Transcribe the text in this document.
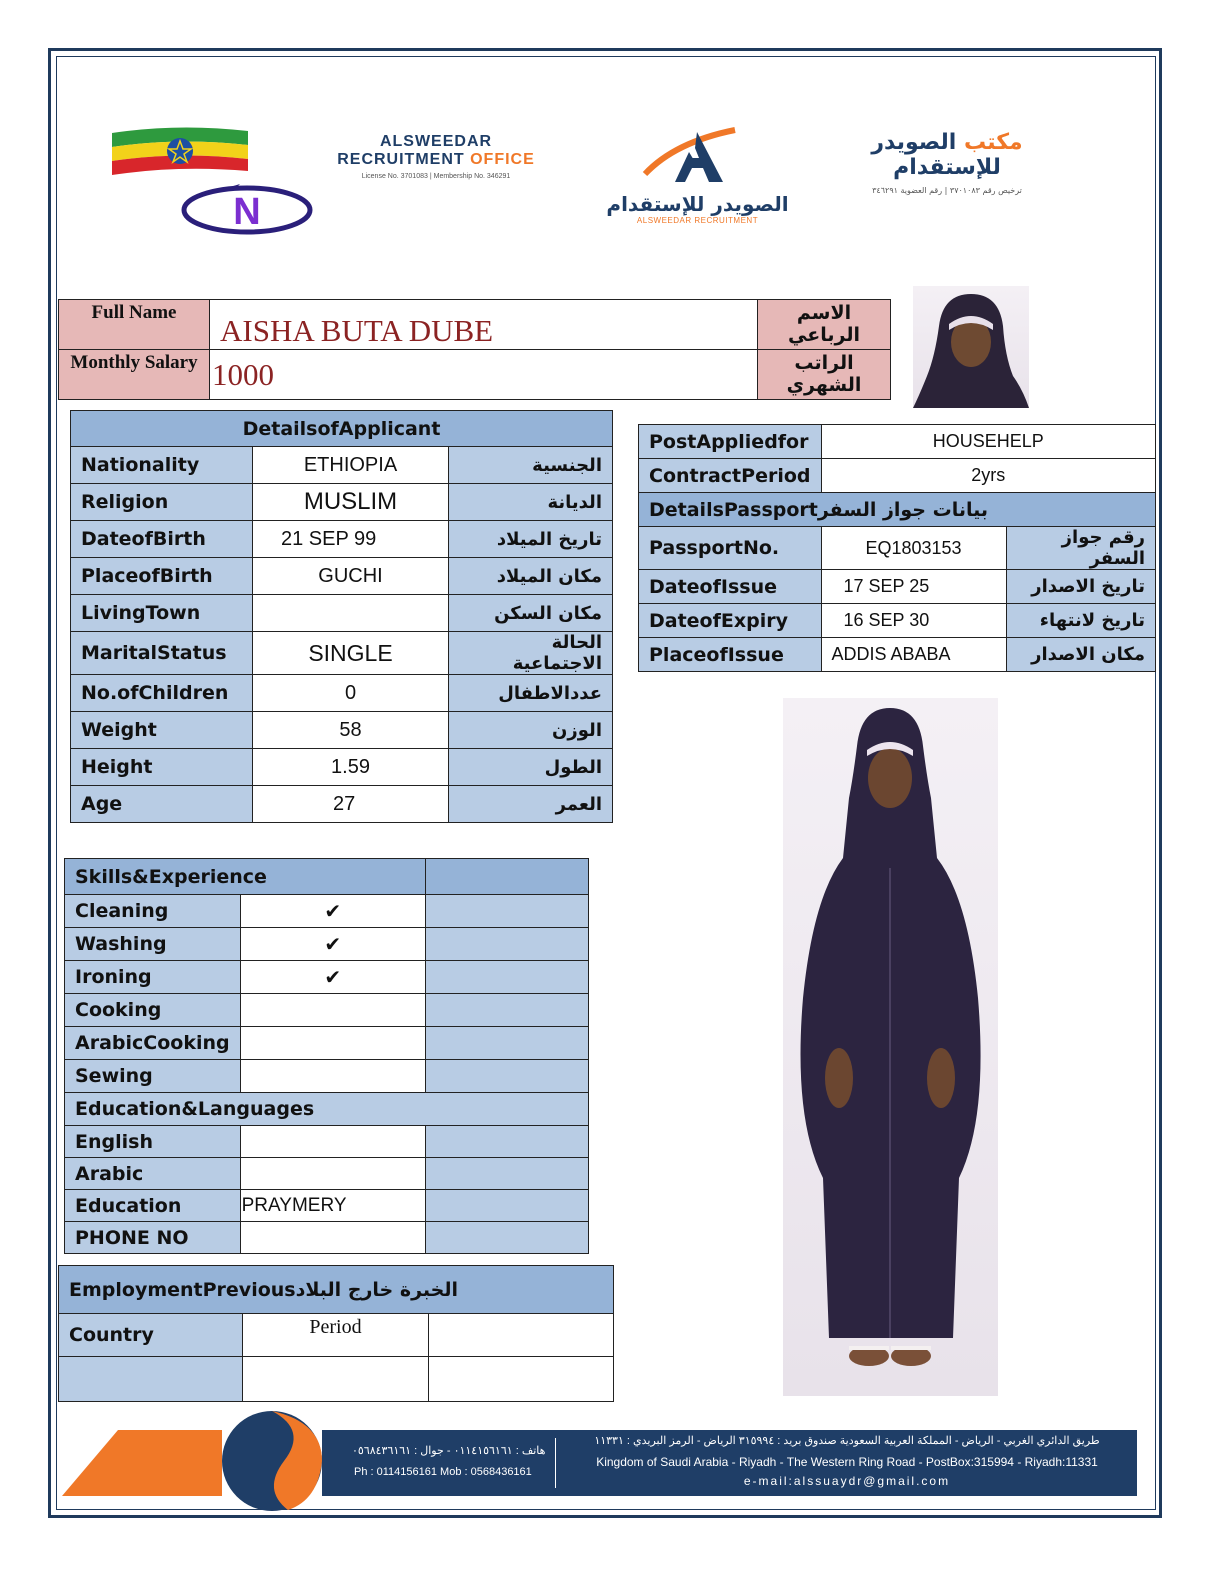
N
ALSWEEDAR
RECRUITMENT OFFICE
License No. 3701083 | Membership No. 346291
الصويدر للإستقدام
ALSWEEDAR RECRUITMENT
مكتب الصويدر للإستقدام
ترخيص رقم ٣٧٠١٠٨٣ | رقم العضوية ٣٤٦٢٩١
Full Name	AISHA BUTA DUBE	الاسم الرباعي
Monthly Salary	1000	الراتب الشهري
DetailsofApplicant		
Nationality	ETHIOPIA	الجنسية
Religion	MUSLIM	الديانة
DateofBirth	21 SEP 99	تاريخ الميلاد
PlaceofBirth	GUCHI	مكان الميلاد
LivingTown		مكان السكن
MaritalStatus	SINGLE	الحالة الاجتماعية
No.ofChildren	0	عددالاطفال
Weight	58	الوزن
Height	1.59	الطول
Age	27	العمر
PostAppliedfor	HOUSEHELP	
ContractPeriod	2yrs	
DetailsPassportبيانات جواز السفر		
PassportNo.	EQ1803153	رقم جواز السفر
DateofIssue	17 SEP 25	تاريخ الاصدار
DateofExpiry	16 SEP 30	تاريخ لانتهاء
PlaceofIssue	ADDIS ABABA	مكان الاصدار
Skills&Experience		
Cleaning	✔	
Washing	✔	
Ironing	✔	
Cooking		
ArabicCooking		
Sewing		
Education&Languages		
English		
Arabic		
Education	PRAYMERY	
PHONE NO		
EmploymentPreviousالخبرة خارج البلاد		
Country	Period	

هاتف : ٠١١٤١٥٦١٦١ - جوال : ٠٥٦٨٤٣٦١٦١
Ph : 0114156161 Mob : 0568436161
طريق الدائري الغربي - الرياض - المملكة العربية السعودية صندوق بريد : ٣١٥٩٩٤ الرياض - الرمز البريدي : ١١٣٣١
Kingdom of Saudi Arabia - Riyadh - The Western Ring Road - PostBox:315994 - Riyadh:11331
e-mail:alssuaydr@gmail.com
